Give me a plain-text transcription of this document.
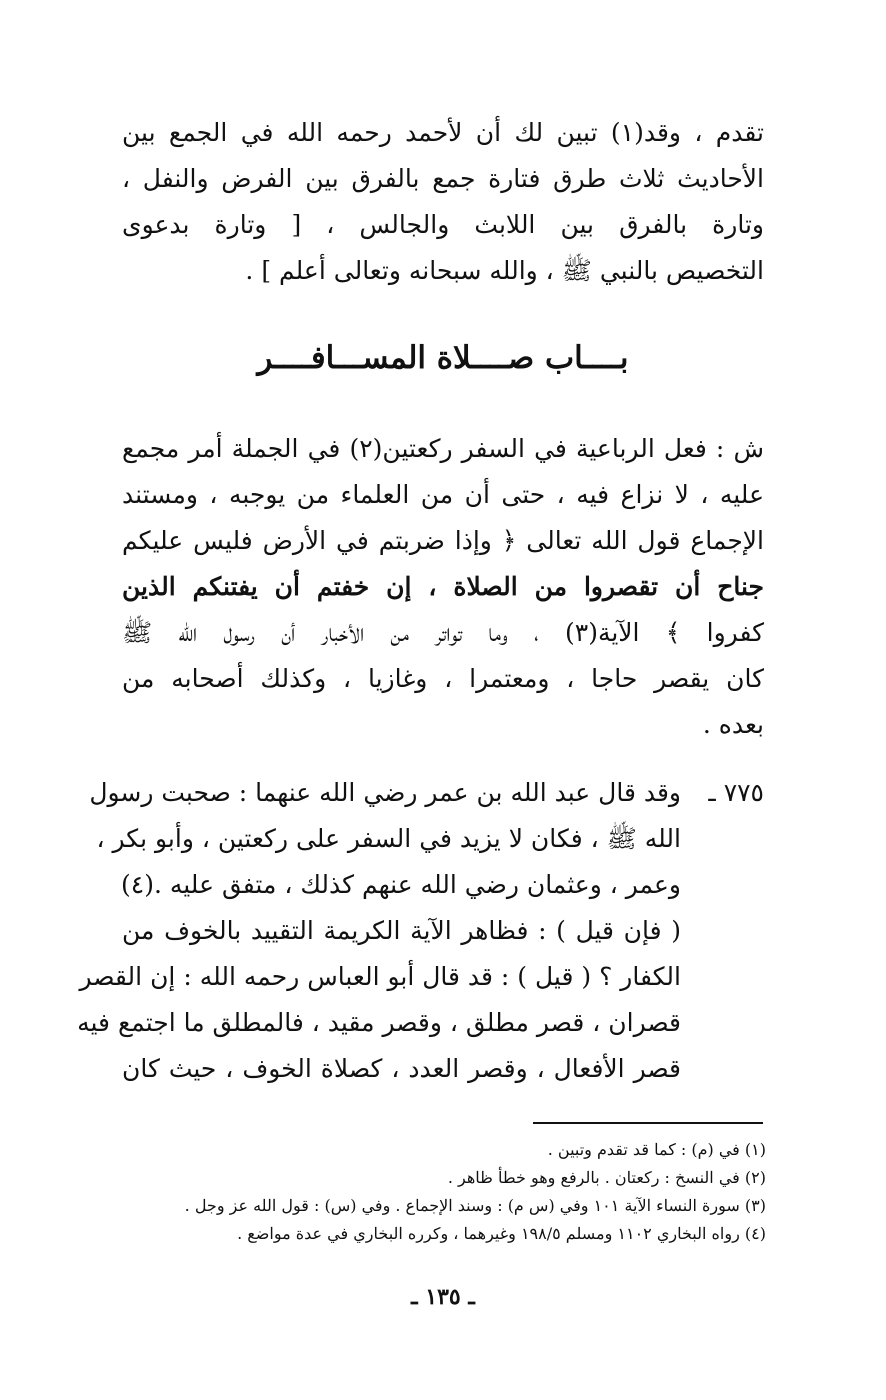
تقدم ، وقد(١) تبين لك أن لأحمد رحمه الله في الجمع بين
الأحاديث ثلاث طرق فتارة جمع بالفرق بين الفرض والنفل ،
وتارة بالفرق بين اللابث والجالس ، [ وتارة بدعوى
التخصيص بالنبي ﷺ ، والله سبحانه وتعالى أعلم ] .
بــــاب صــــلاة المســـافــــر
ش : فعل الرباعية في السفر ركعتين(٢) في الجملة أمر مجمع
عليه ، لا نزاع فيه ، حتى أن من العلماء من يوجبه ، ومستند
الإجماع قول الله تعالى ﴿ وإذا ضربتم في الأرض فليس عليكم
جناح أن تقصروا من الصلاة ، إن خفتم أن يفتنكم الذين
كفروا ﴾ الآية(٣) ، وما تواتر من الأخبار أن رسول الله ﷺ
كان يقصر حاجا ، ومعتمرا ، وغازيا ، وكذلك أصحابه من
بعده .
٧٧٥ ـ
وقد قال عبد الله بن عمر رضي الله عنهما : صحبت رسول
الله ﷺ ، فكان لا يزيد في السفر على ركعتين ، وأبو بكر ،
وعمر ، وعثمان رضي الله عنهم كذلك ، متفق عليه .(٤)
( فإن قيل ) : فظاهر الآية الكريمة التقييد بالخوف من
الكفار ؟ ( قيل ) : قد قال أبو العباس رحمه الله : إن القصر
قصران ، قصر مطلق ، وقصر مقيد ، فالمطلق ما اجتمع فيه
قصر الأفعال ، وقصر العدد ، كصلاة الخوف ، حيث كان
(١) في (م) : كما قد تقدم وتبين .
(٢) في النسخ : ركعتان . بالرفع وهو خطأ ظاهر .
(٣) سورة النساء الآية ١٠١ وفي (س م) : وسند الإجماع . وفي (س) : قول الله عز وجل .
(٤) رواه البخاري ١١٠٢ ومسلم ١٩٨/٥ وغيرهما ، وكرره البخاري في عدة مواضع .
ـ ١٣٥ ـ
